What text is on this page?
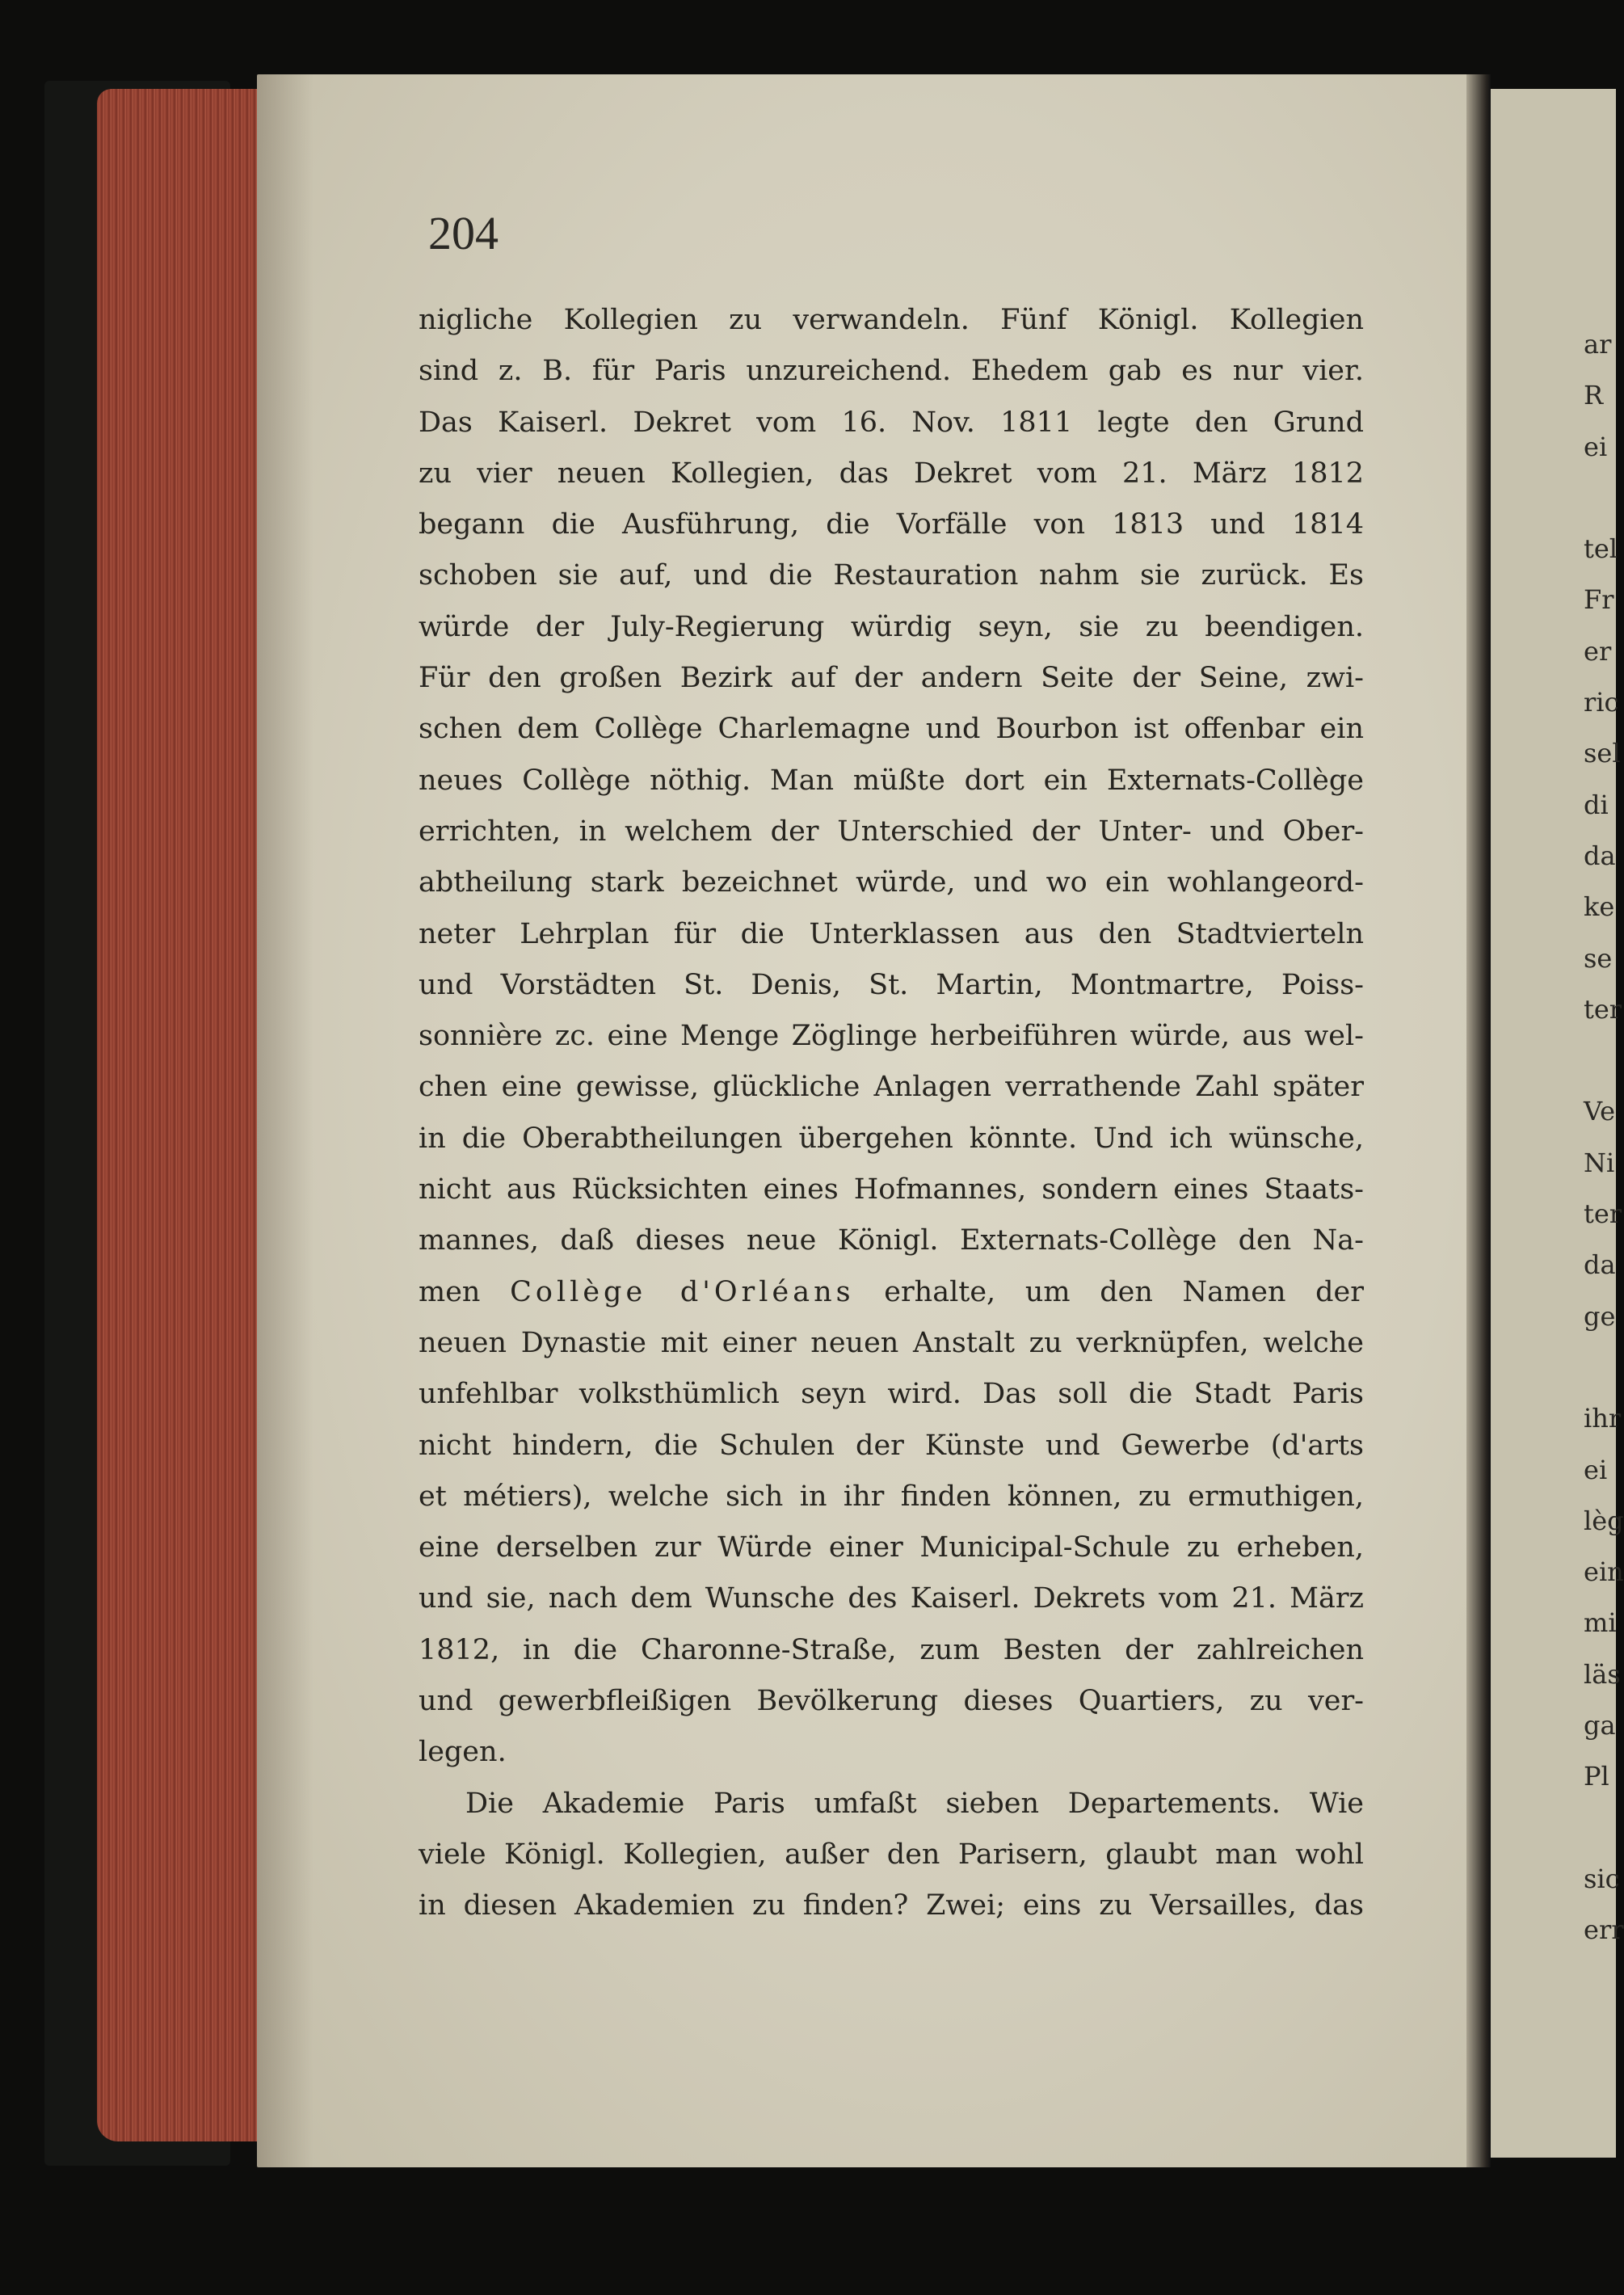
204
nigliche Kollegien zu verwandeln. Fünf Königl. Kollegien
sind z. B. für Paris unzureichend. Ehedem gab es nur vier.
Das Kaiserl. Dekret vom 16. Nov. 1811 legte den Grund
zu vier neuen Kollegien, das Dekret vom 21. März 1812
begann die Ausführung, die Vorfälle von 1813 und 1814
schoben sie auf, und die Restauration nahm sie zurück. Es
würde der July-Regierung würdig seyn, sie zu beendigen.
Für den großen Bezirk auf der andern Seite der Seine, zwi-
schen dem Collège Charlemagne und Bourbon ist offenbar ein
neues Collège nöthig. Man müßte dort ein Externats-Collège
errichten, in welchem der Unterschied der Unter- und Ober-
abtheilung stark bezeichnet würde, und wo ein wohlangeord-
neter Lehrplan für die Unterklassen aus den Stadtvierteln
und Vorstädten St. Denis, St. Martin, Montmartre, Poiss-
sonnière zc. eine Menge Zöglinge herbeiführen würde, aus wel-
chen eine gewisse, glückliche Anlagen verrathende Zahl später
in die Oberabtheilungen übergehen könnte. Und ich wünsche,
nicht aus Rücksichten eines Hofmannes, sondern eines Staats-
mannes, daß dieses neue Königl. Externats-Collège den Na-
men Collège d'Orléans erhalte, um den Namen der
neuen Dynastie mit einer neuen Anstalt zu verknüpfen, welche
unfehlbar volksthümlich seyn wird. Das soll die Stadt Paris
nicht hindern, die Schulen der Künste und Gewerbe (d'arts
et métiers), welche sich in ihr finden können, zu ermuthigen,
eine derselben zur Würde einer Municipal-Schule zu erheben,
und sie, nach dem Wunsche des Kaiserl. Dekrets vom 21. März
1812, in die Charonne-Straße, zum Besten der zahlreichen
und gewerbfleißigen Bevölkerung dieses Quartiers, zu ver-
legen.
Die Akademie Paris umfaßt sieben Departements. Wie
viele Königl. Kollegien, außer den Parisern, glaubt man wohl
in diesen Akademien zu finden? Zwei; eins zu Versailles, das
ar
R
ei
tel
Fr
er
ric
sel
di
da
ke
se
ter
Ve
Ni
ter
da
ge
ihr
ei
lèg
ein
mi
läs
ga
Pl
sic
err
